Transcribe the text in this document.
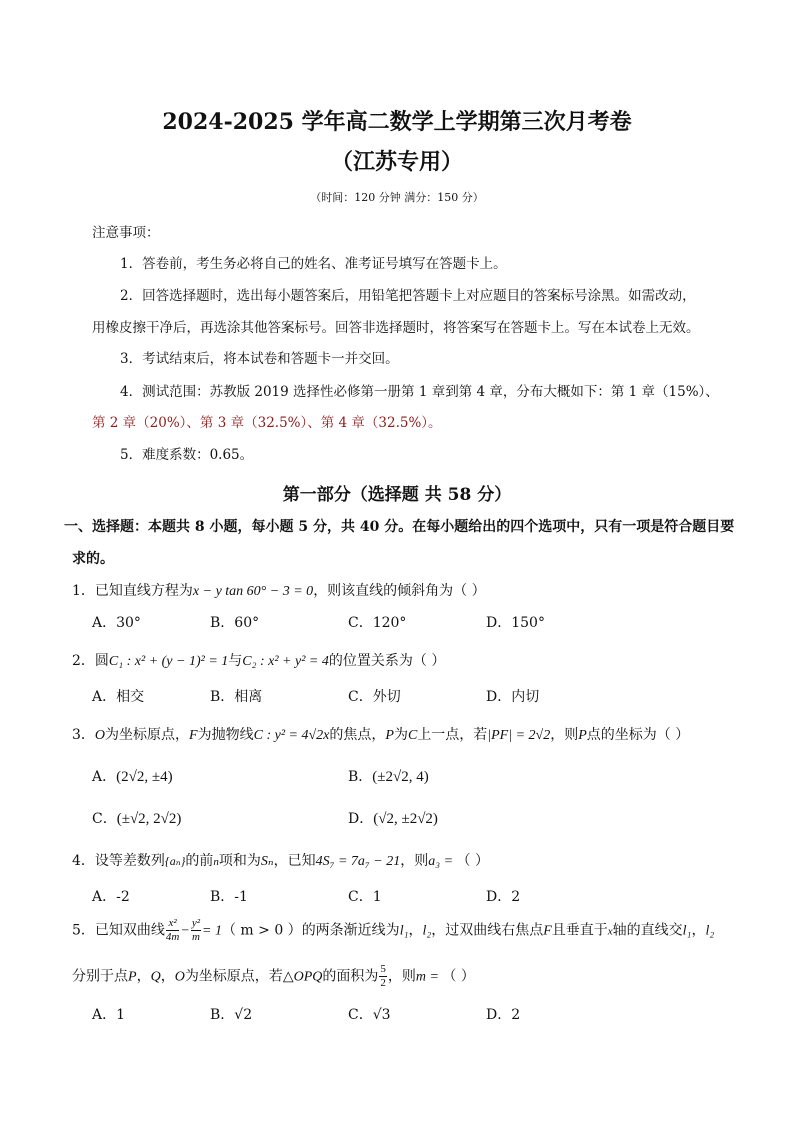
2024-2025 学年高二数学上学期第三次月考卷
（江苏专用）
（时间：120 分钟 满分：150 分）
注意事项：
1．答卷前，考生务必将自己的姓名、准考证号填写在答题卡上。
2．回答选择题时，选出每小题答案后，用铅笔把答题卡上对应题目的答案标号涂黑。如需改动，
用橡皮擦干净后，再选涂其他答案标号。回答非选择题时，将答案写在答题卡上。写在本试卷上无效。
3．考试结束后，将本试卷和答题卡一并交回。
4．测试范围：苏教版 2019 选择性必修第一册第 1 章到第 4 章，分布大概如下：第 1 章（15%）、
第 2 章（20%）、第 3 章（32.5%）、第 4 章（32.5%）。
5．难度系数：0.65。
第一部分（选择题 共 58 分）
一、选择题：本题共 8 小题，每小题 5 分，共 40 分。在每小题给出的四个选项中，只有一项是符合题目要
求的。
1．已知直线方程为x − y tan 60° − 3 = 0，则该直线的倾斜角为（ ）
A．30°	B．60°	C．120°	D．150°
2．圆C₁ : x² + (y − 1)² = 1与C₂ : x² + y² = 4的位置关系为（ ）
A．相交	B．相离	C．外切	D．内切
3．O为坐标原点，F为抛物线C : y² = 4√2x的焦点，P为C上一点，若|PF| = 2√2，则P点的坐标为（ ）
A．(2√2, ±4)	B．(±2√2, 4)
C．(±√2, 2√2)	D．(√2, ±2√2)
4．设等差数列{aₙ}的前n项和为Sₙ，已知4S₇ = 7a₇ − 21，则a₃ = （ ）
A．-2	B．-1	C．1	D．2
5．已知双曲线 $\frac{\text{x²}}{4m} - \frac{\text{y²}}{m} = 1$（ m > 0 ）的两条渐近线为l₁，l₂，过双曲线右焦点F且垂直于x轴的直线交l₁，l₂
分别于点P，Q，O为坐标原点，若△OPQ的面积为 $\frac{5}{2}$ ，则m = （ ）
A．1	B．√2	C．√3	D．2
